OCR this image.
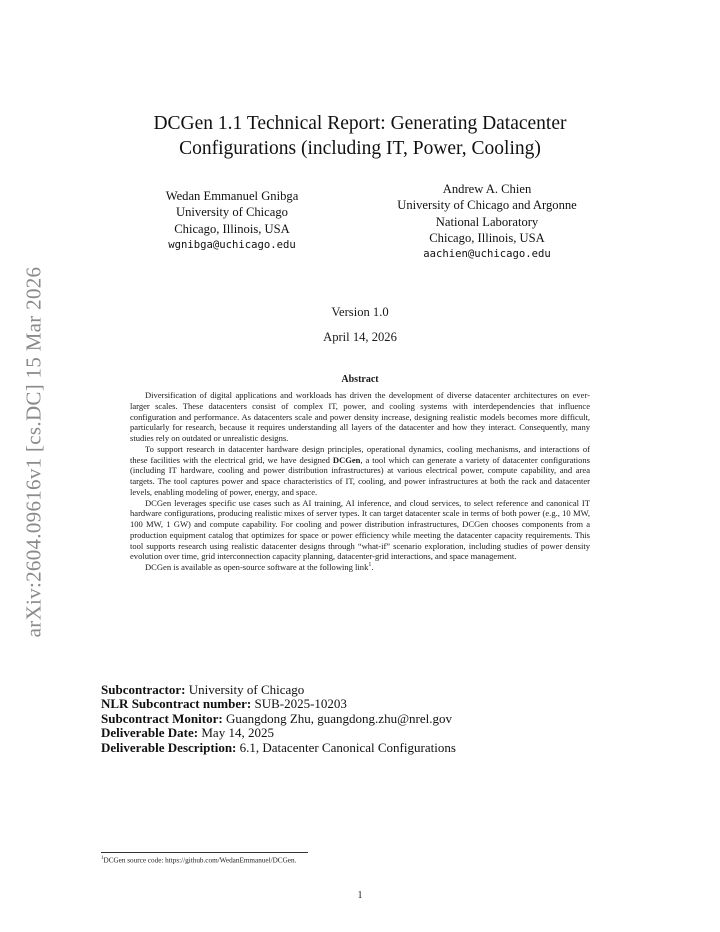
arXiv:2604.09616v1 [cs.DC] 15 Mar 2026
DCGen 1.1 Technical Report: Generating Datacenter
Configurations (including IT, Power, Cooling)
Wedan Emmanuel Gnibga
University of Chicago
Chicago, Illinois, USA
wgnibga@uchicago.edu
Andrew A. Chien
University of Chicago and Argonne
National Laboratory
Chicago, Illinois, USA
aachien@uchicago.edu
Version 1.0
April 14, 2026
Abstract

Diversification of digital applications and workloads has driven the development of diverse datacenter architectures on ever-larger scales. These datacenters consist of complex IT, power, and cooling systems with interdependencies that influence configuration and performance. As datacenters scale and power density increase, designing realistic models becomes more difficult, particularly for research, because it requires understanding all layers of the datacenter and how they interact. Consequently, many studies rely on outdated or unrealistic designs.

To support research in datacenter hardware design principles, operational dynamics, cooling mechanisms, and interactions of these facilities with the electrical grid, we have designed DCGen, a tool which can generate a variety of datacenter configurations (including IT hardware, cooling and power distribution infrastructures) at various electrical power, compute capability, and area targets. The tool captures power and space characteristics of IT, cooling, and power infrastructures at both the rack and datacenter levels, enabling modeling of power, energy, and space.

DCGen leverages specific use cases such as AI training, AI inference, and cloud services, to select reference and canonical IT hardware configurations, producing realistic mixes of server types. It can target datacenter scale in terms of both power (e.g., 10 MW, 100 MW, 1 GW) and compute capability. For cooling and power distribution infrastructures, DCGen chooses components from a production equipment catalog that optimizes for space or power efficiency while meeting the datacenter capacity requirements. This tool supports research using realistic datacenter designs through “what-if” scenario exploration, including studies of power density evolution over time, grid interconnection capacity planning, datacenter-grid interactions, and space management.

DCGen is available as open-source software at the following link$^1$.

Subcontractor: University of Chicago
NLR Subcontract number: SUB-2025-10203
Subcontract Monitor: Guangdong Zhu, guangdong.zhu@nrel.gov
Deliverable Date: May 14, 2025
Deliverable Description: 6.1, Datacenter Canonical Configurations
$^1$DCGen source code: https://github.com/WedanEmmanuel/DCGen.
1
